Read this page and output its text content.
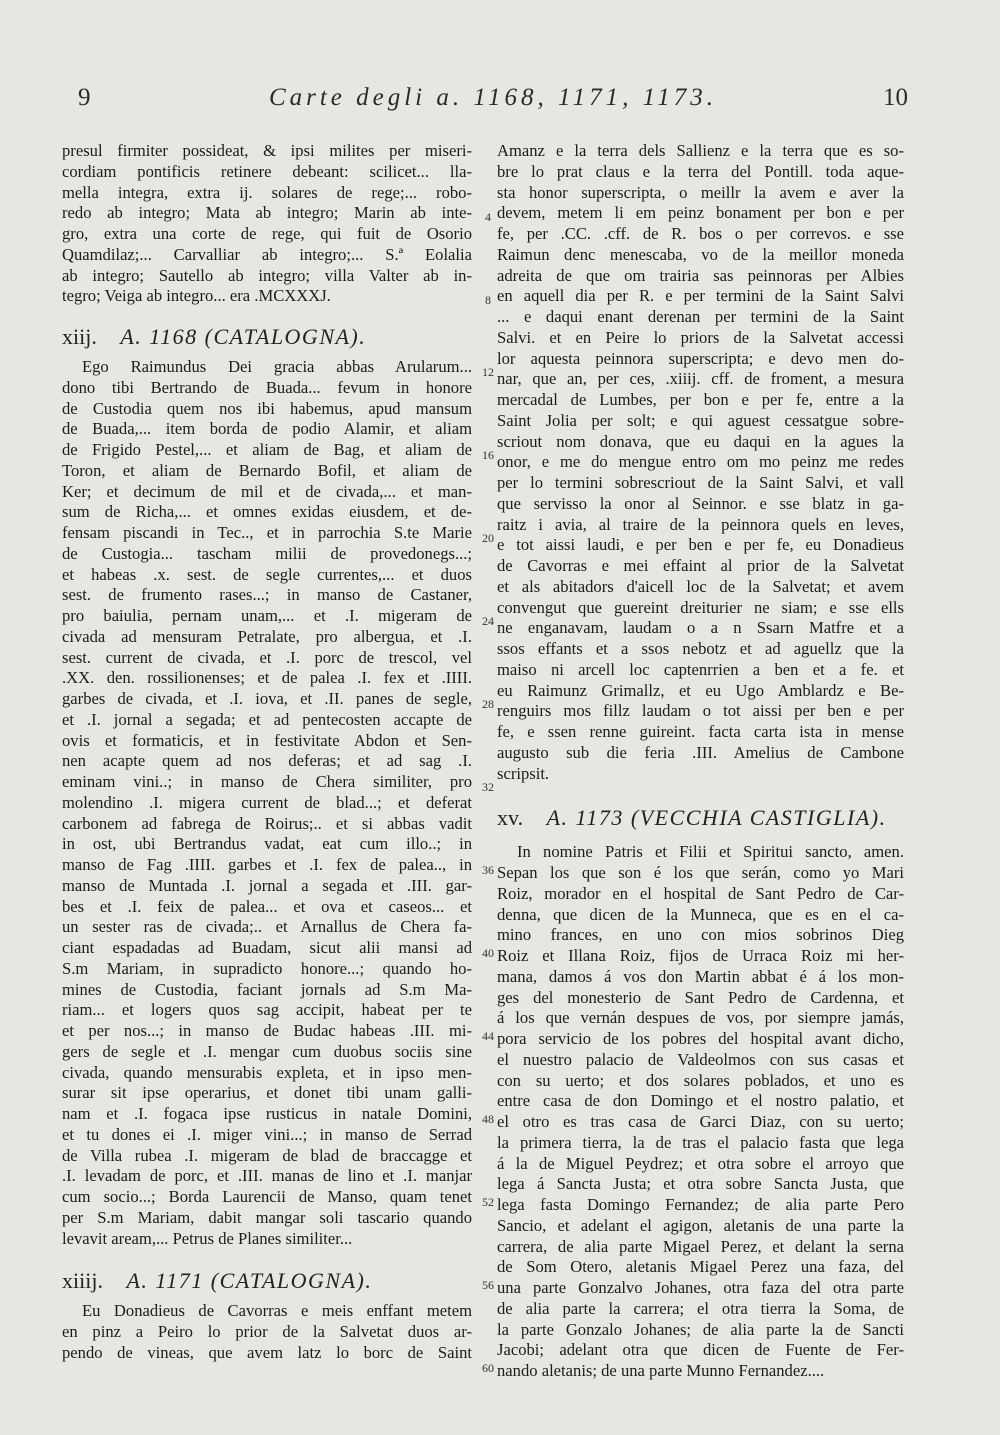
9	Carte degli a. 1168, 1171, 1173.	10
presul firmiter possideat, & ipsi milites per miseri-
cordiam pontificis retinere debeant: scilicet... lla-
mella integra, extra ij. solares de rege;... robo-
redo ab integro; Mata ab integro; Marin ab inte-
gro, extra una corte de rege, qui fuit de Osorio
Quamdilaz;... Carvalliar ab integro;... S.ª Eolalia
ab integro; Sautello ab integro; villa Valter ab in-
tegro; Veiga ab integro... era .MCXXXJ.
xiij. A. 1168 (CATALOGNA).
Ego Raimundus Dei gracia abbas Arularum...
dono tibi Bertrando de Buada... fevum in honore
de Custodia quem nos ibi habemus, apud mansum
de Buada,... item borda de podio Alamir, et aliam
de Frigido Pestel,... et aliam de Bag, et aliam de
Toron, et aliam de Bernardo Bofil, et aliam de
Ker; et decimum de mil et de civada,... et man-
sum de Richa,... et omnes exidas eiusdem, et de-
fensam piscandi in Tec.., et in parrochia S.te Marie
de Custogia... tascham milii de provedonegs...;
et habeas .x. sest. de segle currentes,... et duos
sest. de frumento rases...; in manso de Castaner,
pro baiulia, pernam unam,... et .I. migeram de
civada ad mensuram Petralate, pro albergua, et .I.
sest. current de civada, et .I. porc de trescol, vel
.XX. den. rossilionenses; et de palea .I. fex et .IIII.
garbes de civada, et .I. iova, et .II. panes de segle,
et .I. jornal a segada; et ad pentecosten accapte de
ovis et formaticis, et in festivitate Abdon et Sen-
nen acapte quem ad nos deferas; et ad sag .I.
eminam vini..; in manso de Chera similiter, pro
molendino .I. migera current de blad...; et deferat
carbonem ad fabrega de Roirus;.. et si abbas vadit
in ost, ubi Bertrandus vadat, eat cum illo..; in
manso de Fag .IIII. garbes et .I. fex de palea.., in
manso de Muntada .I. jornal a segada et .III. gar-
bes et .I. feix de palea... et ova et caseos... et
un sester ras de civada;.. et Arnallus de Chera fa-
ciant espadadas ad Buadam, sicut alii mansi ad
S.m Mariam, in supradicto honore...; quando ho-
mines de Custodia, faciant jornals ad S.m Ma-
riam... et logers quos sag accipit, habeat per te
et per nos...; in manso de Budac habeas .III. mi-
gers de segle et .I. mengar cum duobus sociis sine
civada, quando mensurabis expleta, et in ipso men-
surar sit ipse operarius, et donet tibi unam galli-
nam et .I. fogaca ipse rusticus in natale Domini,
et tu dones ei .I. miger vini...; in manso de Serrad
de Villa rubea .I. migeram de blad de braccagge et
.I. levadam de porc, et .III. manas de lino et .I. manjar
cum socio...; Borda Laurencii de Manso, quam tenet
per S.m Mariam, dabit mangar soli tascario quando
levavit aream,... Petrus de Planes similiter...
xiiij. A. 1171 (CATALOGNA).
Eu Donadieus de Cavorras e meis enffant metem
en pinz a Peiro lo prior de la Salvetat duos ar-
pendo de vineas, que avem latz lo borc de Saint
Amanz e la terra dels Sallienz e la terra que es so-
bre lo prat claus e la terra del Pontill. toda aque-
sta honor superscripta, o meillr la avem e aver la
devem, metem li em peinz bonament per bon e per
fe, per .CC. .cff. de R. bos o per correvos. e sse
Raimun denc menescaba, vo de la meillor moneda
adreita de que om trairia sas peinnoras per Albies
en aquell dia per R. e per termini de la Saint Salvi
... e daqui enant derenan per termini de la Saint
Salvi. et en Peire lo priors de la Salvetat accessi
lor aquesta peinnora superscripta; e devo men do-
nar, que an, per ces, .xiiij. cff. de froment, a mesura
mercadal de Lumbes, per bon e per fe, entre a la
Saint Jolia per solt; e qui aguest cessatgue sobre-
scriout nom donava, que eu daqui en la agues la
onor, e me do mengue entro om mo peinz me redes
per lo termini sobrescriout de la Saint Salvi, et vall
que servisso la onor al Seinnor. e sse blatz in ga-
raitz i avia, al traire de la peinnora quels en leves,
e tot aissi laudi, e per ben e per fe, eu Donadieus
de Cavorras e mei effaint al prior de la Salvetat
et als abitadors d'aicell loc de la Salvetat; et avem
convengut que guereint dreiturier ne siam; e sse ells
ne enganavam, laudam o a n Ssarn Matfre et a
ssos effants et a ssos nebotz et ad aguellz que la
maiso ni arcell loc captenrrien a ben et a fe. et
eu Raimunz Grimallz, et eu Ugo Amblardz e Be-
renguirs mos fillz laudam o tot aissi per ben e per
fe, e ssen renne guireint. facta carta ista in mense
augusto sub die feria .III. Amelius de Cambone
scripsit.
xv. A. 1173 (VECCHIA CASTIGLIA).
In nomine Patris et Filii et Spiritui sancto, amen.
Sepan los que son é los que serán, como yo Mari
Roiz, morador en el hospital de Sant Pedro de Car-
denna, que dicen de la Munneca, que es en el ca-
mino frances, en uno con mios sobrinos Dieg
Roiz et Illana Roiz, fijos de Urraca Roiz mi her-
mana, damos á vos don Martin abbat é á los mon-
ges del monesterio de Sant Pedro de Cardenna, et
á los que vernán despues de vos, por siempre jamás,
pora servicio de los pobres del hospital avant dicho,
el nuestro palacio de Valdeolmos con sus casas et
con su uerto; et dos solares poblados, et uno es
entre casa de don Domingo et el nostro palatio, et
el otro es tras casa de Garci Diaz, con su uerto;
la primera tierra, la de tras el palacio fasta que lega
á la de Miguel Peydrez; et otra sobre el arroyo que
lega á Sancta Justa; et otra sobre Sancta Justa, que
lega fasta Domingo Fernandez; de alia parte Pero
Sancio, et adelant el agigon, aletanis de una parte la
carrera, de alia parte Migael Perez, et delant la serna
de Som Otero, aletanis Migael Perez una faza, del
una parte Gonzalvo Johanes, otra faza del otra parte
de alia parte la carrera; el otra tierra la Soma, de
la parte Gonzalo Johanes; de alia parte la de Sancti
Jacobi; adelant otra que dicen de Fuente de Fer-
nando aletanis; de una parte Munno Fernandez....
4
8
12
16
20
24
28
32
36
40
44
48
52
56
60
